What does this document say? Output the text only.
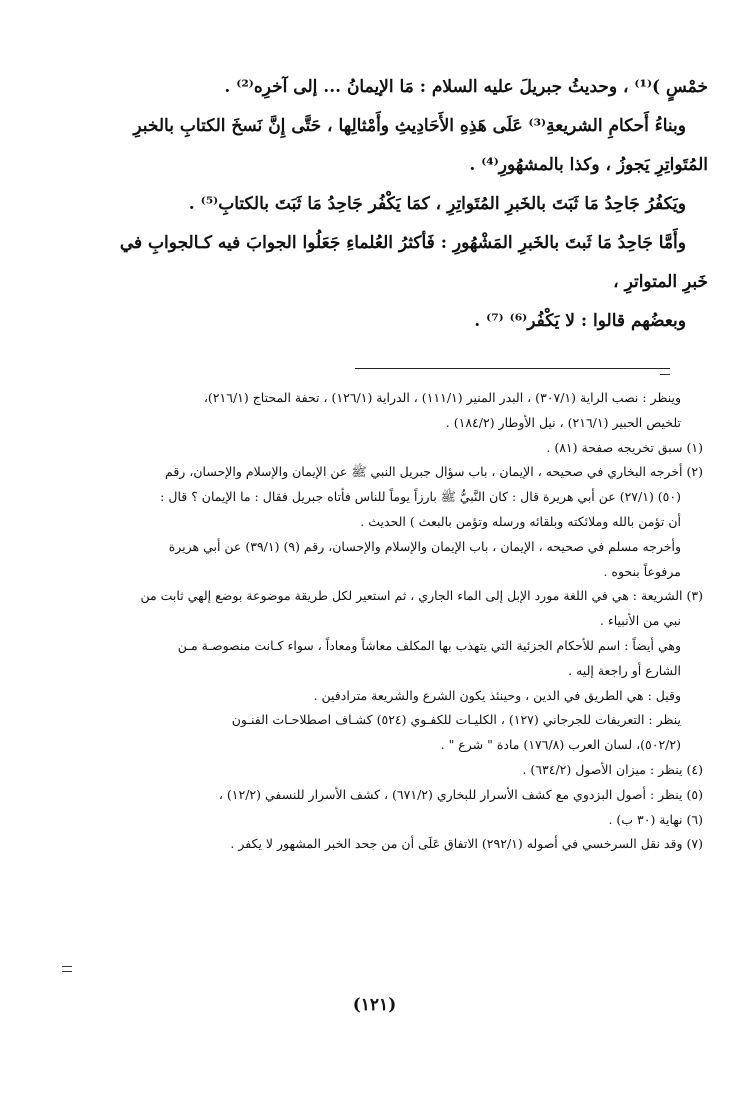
خمْسٍ )⁽¹⁾ ، وحديثُ جبريلَ عليه السلام : مَا الإيمانُ ... إلى آخرِه⁽²⁾ .

وبناءُ أَحكامِ الشريعةِ⁽³⁾ عَلَى هَذِهِ الأَحَادِيثِ وأَمْثالِها ، حَتَّى إِنَّ نَسخَ الكتابِ بالخبرِ

المُتَواتِرِ يَجوزُ ، وكذا بالمشهُورِ⁽⁴⁾ .

ويَكفُرُ جَاحِدُ مَا ثَبَتَ بالخَبرِ المُتَواتِرِ ، كمَا يَكْفُر جَاحِدُ مَا ثَبَتَ بالكتابِ⁽⁵⁾ .

وأَمَّا جَاحِدُ مَا ثَبتَ بالخَبرِ المَشْهُورِ : فَأكثرُ العُلماءِ جَعَلُوا الجوابَ فيه كـالجوابِ في

خَبرِ المتواترِ ،

وبعضُهم قالوا : لا يَكْفُر⁽⁶⁾ ⁽⁷⁾ .

وينظر : نصب الراية (٣٠٧/١) ، البدر المنير (١١١/١) ، الدراية (١٢٦/١) ، تحفة المحتاج (٢١٦/١)،

تلخيص الحبير (٢١٦/١) ، نيل الأوطار (١٨٤/٢) .

(١) سبق تخريجه صفحة (٨١) .

(٢) أخرجه البخاري في صحيحه ، الإيمان ، باب سؤال جبريل النبي ﷺ عن الإيمان والإسلام والإحسان، رقم

(٥٠) (٢٧/١) عن أبي هريرة قال : كان النَّبيُّ ﷺ بارزاً يوماً للناس فأتاه جبريل فقال : ما الإيمان ؟ قال :

أن تؤمن بالله وملائكته وبلقائه ورسله وتؤمن بالبعث ) الحديث .

وأخرجه مسلم في صحيحه ، الإيمان ، باب الإيمان والإسلام والإحسان، رقم (٩) (٣٩/١) عن أبي هريرة

مرفوعاً بنحوه .

(٣) الشريعة : هي في اللغة مورد الإبل إلى الماء الجاري ، ثم استعير لكل طريقة موضوعة بوضع إلهي ثابت من

نبي من الأنبياء .

وهي أيضاً : اسم للأحكام الجزئية التي يتهذب بها المكلف معاشاً ومعاداً ، سواء كـانت منصوصـة مـن

الشارع أو راجعة إليه .

وقيل : هي الطريق في الدين ، وحينئذ يكون الشرع والشريعة مترادفين .

ينظر : التعريفات للجرجاني (١٢٧) ، الكليـات للكفـوي (٥٢٤) كشـاف اصطلاحـات الفنـون

(٥٠٢/٢)، لسان العرب (١٧٦/٨) مادة " شرع " .

(٤) ينظر : ميزان الأصول (٦٣٤/٢) .

(٥) ينظر : أصول البزدوي مع كشف الأسرار للبخاري (٦٧١/٢) ، كشف الأسرار للنسفي (١٢/٢) ،

(٦) نهاية (٣٠ ب) .

(٧) وقد نقل السرخسي في أصوله (٢٩٢/١) الاتفاق عَلَى أن من جحد الخبر المشهور لا يكفر .

(١٢١)
